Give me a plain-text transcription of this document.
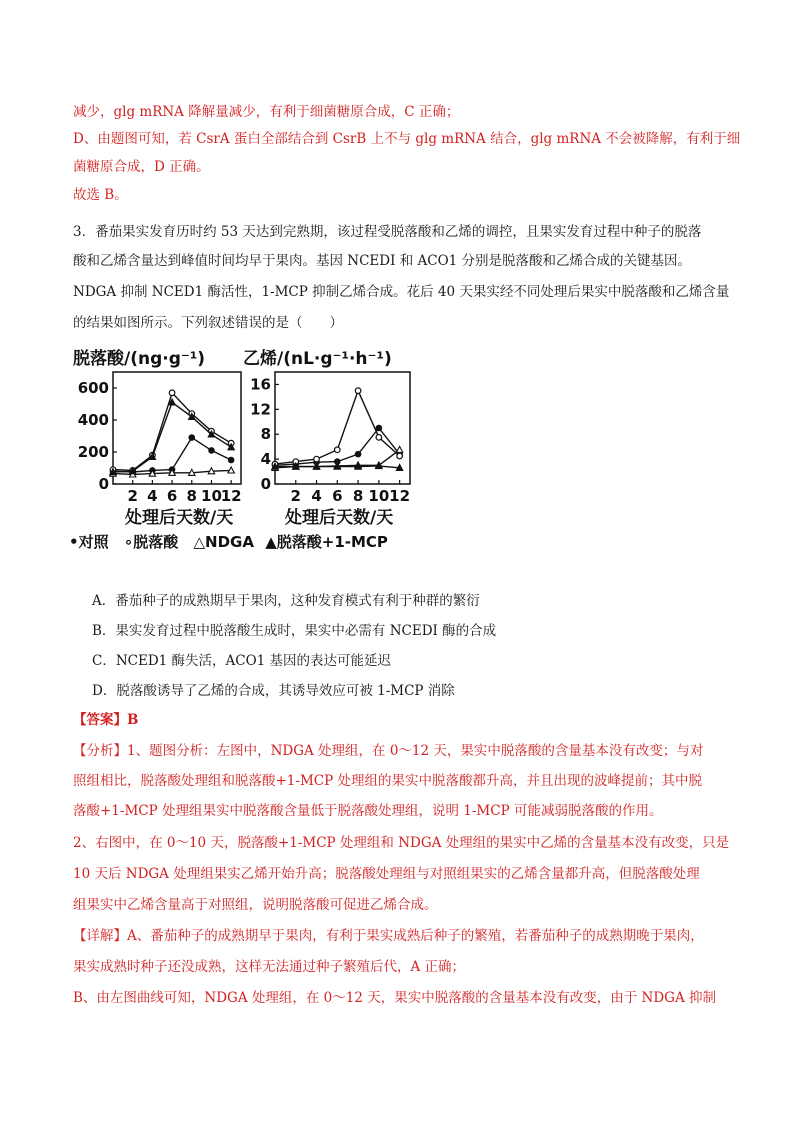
减少，glg mRNA 降解量减少，有利于细菌糖原合成，C 正确；
D、由题图可知，若 CsrA 蛋白全部结合到 CsrB 上不与 glg mRNA 结合，glg mRNA 不会被降解，有利于细
菌糖原合成，D 正确。
故选 B。
3．番茄果实发育历时约 53 天达到完熟期，该过程受脱落酸和乙烯的调控，且果实发育过程中种子的脱落
酸和乙烯含量达到峰值时间均早于果肉。基因 NCEDI 和 ACO1 分别是脱落酸和乙烯合成的关键基因。
NDGA 抑制 NCED1 酶活性，1-MCP 抑制乙烯合成。花后 40 天果实经不同处理后果实中脱落酸和乙烯含量
的结果如图所示。下列叙述错误的是（　　）
脱落酸/(ng·g⁻¹)
0
200
400
600
2 4 6 8 10
12
处理后天数/天
乙烯/(nL·g⁻¹·h⁻¹)
0
4
8
12
16
2 4 6 8 10 12
处理后天数/天
•对照 ∘脱落酸 △NDGA ▲脱落酸+1-MCP
A．番茄种子的成熟期早于果肉，这种发育模式有利于种群的繁衍
B．果实发育过程中脱落酸生成时，果实中必需有 NCEDI 酶的合成
C．NCED1 酶失活，ACO1 基因的表达可能延迟
D．脱落酸诱导了乙烯的合成，其诱导效应可被 1-MCP 消除
【答案】B
【分析】1、题图分析：左图中，NDGA 处理组，在 0～12 天，果实中脱落酸的含量基本没有改变；与对
照组相比，脱落酸处理组和脱落酸+1-MCP 处理组的果实中脱落酸都升高，并且出现的波峰提前；其中脱
落酸+1-MCP 处理组果实中脱落酸含量低于脱落酸处理组，说明 1-MCP 可能减弱脱落酸的作用。
2、右图中，在 0～10 天，脱落酸+1-MCP 处理组和 NDGA 处理组的果实中乙烯的含量基本没有改变，只是
10 天后 NDGA 处理组果实乙烯开始升高；脱落酸处理组与对照组果实的乙烯含量都升高，但脱落酸处理
组果实中乙烯含量高于对照组，说明脱落酸可促进乙烯合成。
【详解】A、番茄种子的成熟期早于果肉，有利于果实成熟后种子的繁殖，若番茄种子的成熟期晚于果肉，
果实成熟时种子还没成熟，这样无法通过种子繁殖后代，A 正确；
B、由左图曲线可知，NDGA 处理组，在 0～12 天，果实中脱落酸的含量基本没有改变，由于 NDGA 抑制
